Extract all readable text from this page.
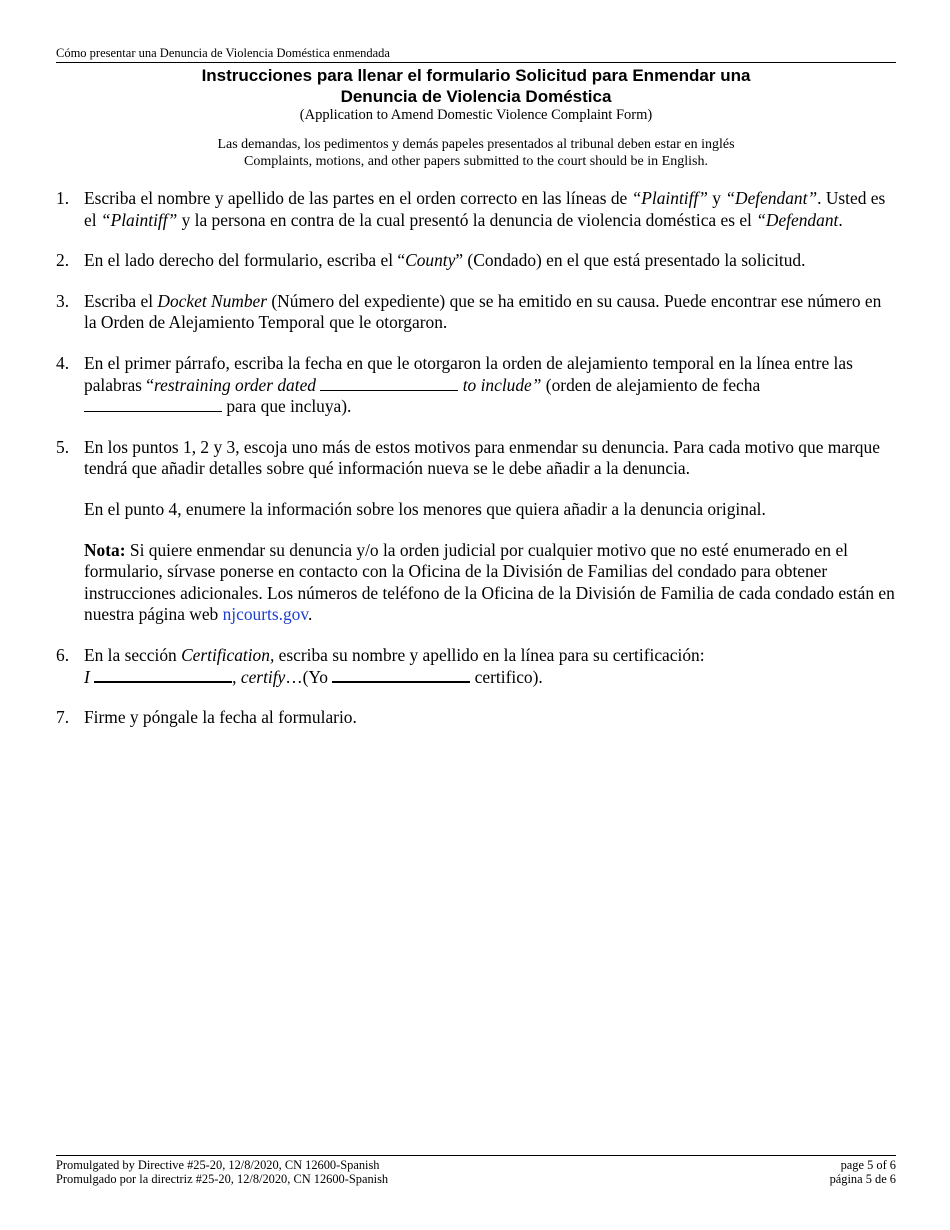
Cómo presentar una Denuncia de Violencia Doméstica enmendada
Instrucciones para llenar el formulario Solicitud para Enmendar una
Denuncia de Violencia Doméstica
(Application to Amend Domestic Violence Complaint Form)
Las demandas, los pedimentos y demás papeles presentados al tribunal deben estar en inglés
Complaints, motions, and other papers submitted to the court should be in English.
1. Escriba el nombre y apellido de las partes en el orden correcto en las líneas de “Plaintiff” y “Defendant”. Usted es el “Plaintiff” y la persona en contra de la cual presentó la denuncia de violencia doméstica es el “Defendant.
2. En el lado derecho del formulario, escriba el “County” (Condado) en el que está presentado la solicitud.
3. Escriba el Docket Number (Número del expediente) que se ha emitido en su causa. Puede encontrar ese número en la Orden de Alejamiento Temporal que le otorgaron.
4. En el primer párrafo, escriba la fecha en que le otorgaron la orden de alejamiento temporal en la línea entre las palabras “restraining order dated	to include” (orden de alejamiento de fecha  para que incluya).
5. En los puntos 1, 2 y 3, escoja uno más de estos motivos para enmendar su denuncia. Para cada motivo que marque tendrá que añadir detalles sobre qué información nueva se le debe añadir a la denuncia.
En el punto 4, enumere la información sobre los menores que quiera añadir a la denuncia original.
Nota: Si quiere enmendar su denuncia y/o la orden judicial por cualquier motivo que no esté enumerado en el formulario, sírvase ponerse en contacto con la Oficina de la División de Familias del condado para obtener instrucciones adicionales. Los números de teléfono de la Oficina de la División de Familia de cada condado están en nuestra página web njcourts.gov.
6. En la sección Certification, escriba su nombre y apellido en la línea para su certificación:
I	, certify…(Yo	certifico).
7. Firme y póngale la fecha al formulario.
Promulgated by Directive #25-20, 12/8/2020, CN 12600-Spanish
Promulgado por la directriz #25-20, 12/8/2020, CN 12600-Spanish
page 5 of 6
página 5 de 6
